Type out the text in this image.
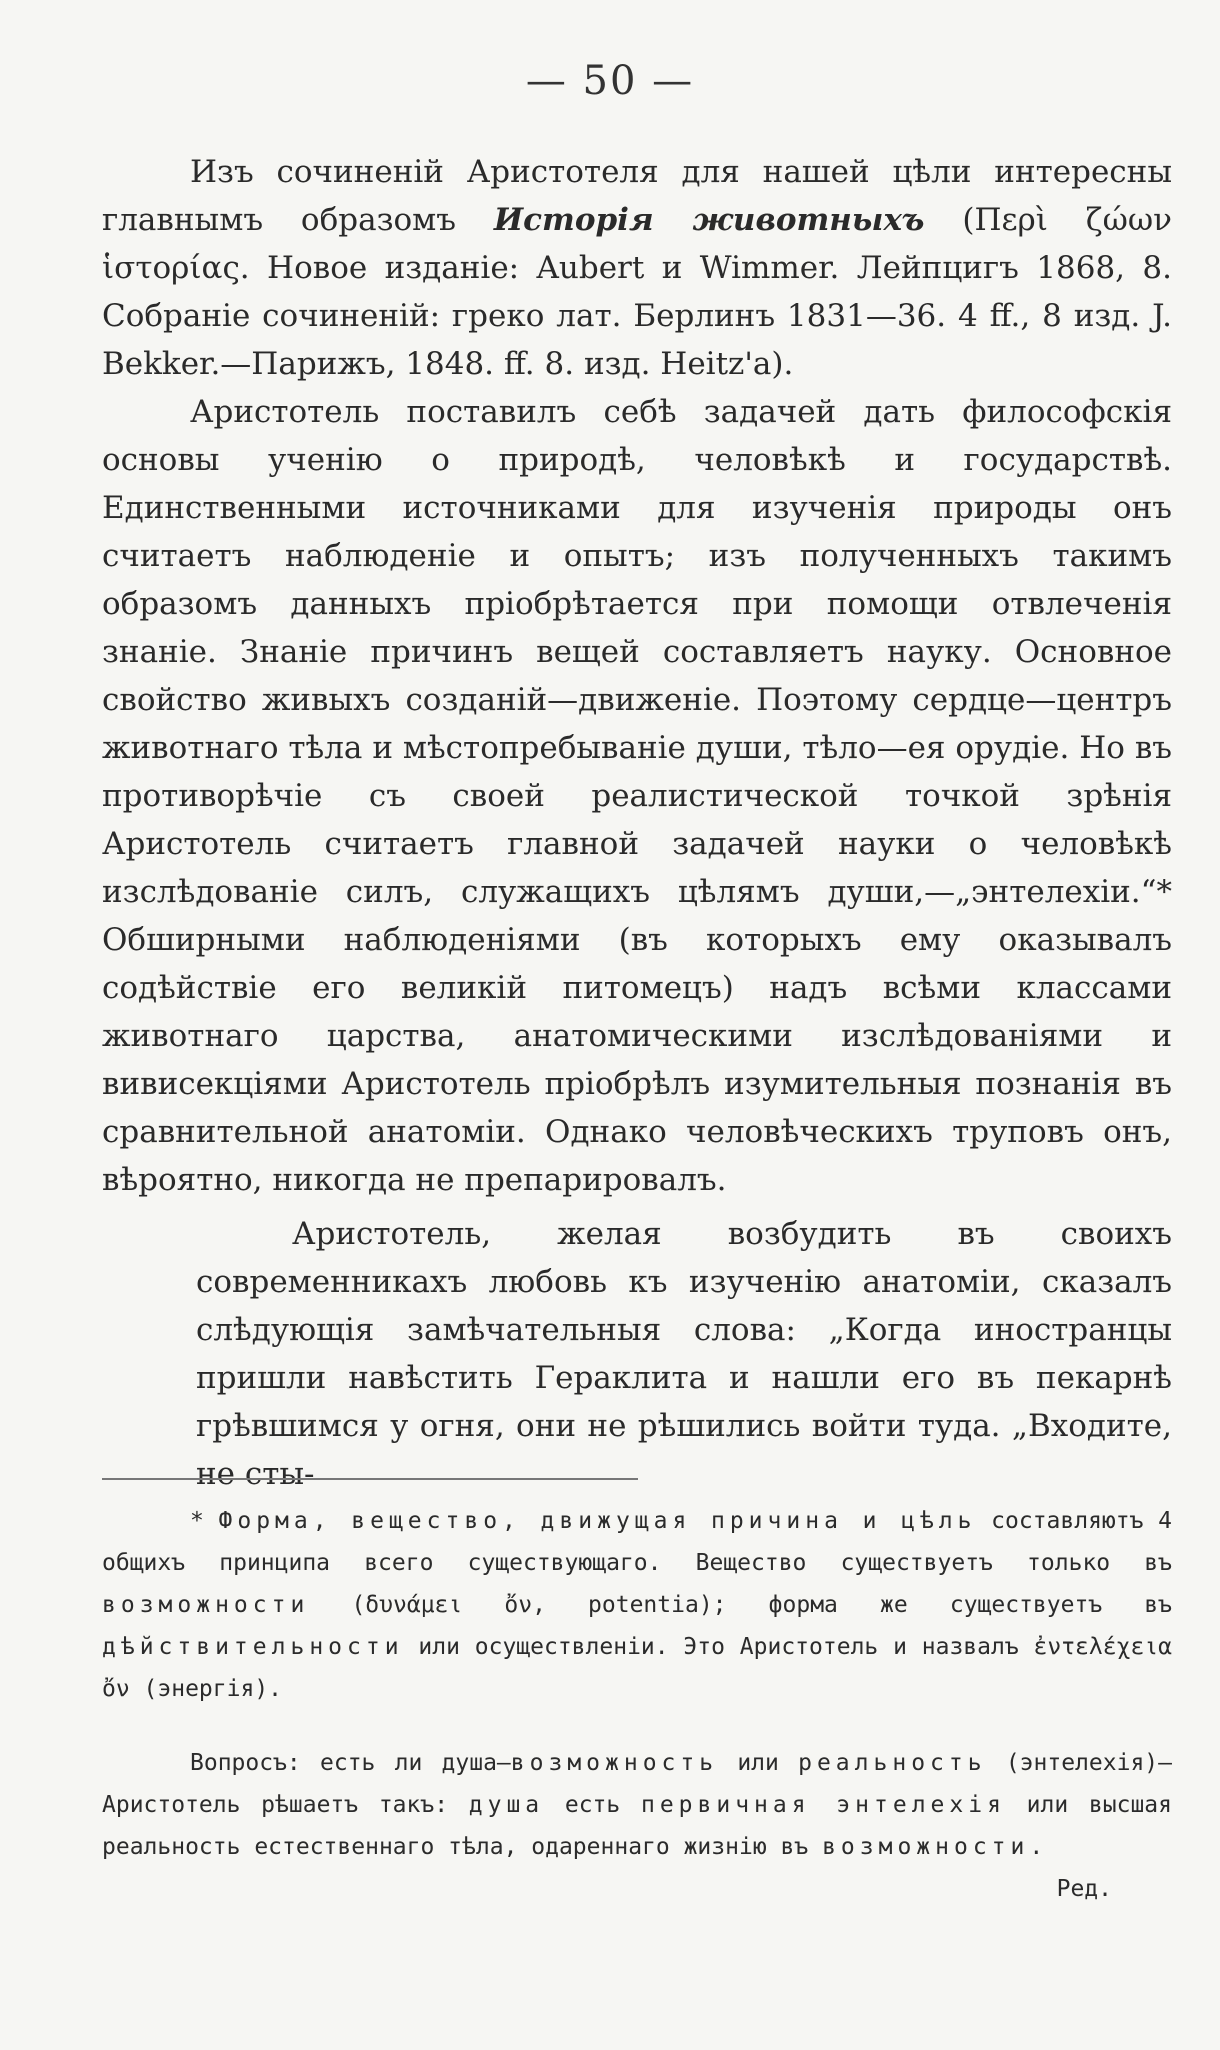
— 50 —

Изъ сочиненій Аристотеля для нашей цѣли интересны главнымъ образомъ Исторія животныхъ (Περὶ ζώων ἱστορίας. Новое изданіе: Aubert и Wimmer. Лейпцигъ 1868, 8. Собраніе сочиненій: греко лат. Берлинъ 1831—36. 4 ff., 8 изд. J. Bekker.—Парижъ, 1848. ff. 8. изд. Heitz'a).

Аристотель поставилъ себѣ задачей дать философскія основы ученію о природѣ, человѣкѣ и государствѣ. Единственными источниками для изученія природы онъ считаетъ наблюденіе и опытъ; изъ полученныхъ такимъ образомъ данныхъ пріобрѣтается при помощи отвлеченія знаніе. Знаніе причинъ вещей составляетъ науку. Основное свойство живыхъ созданій—движеніе. Поэтому сердце—центръ животнаго тѣла и мѣстопребываніе души, тѣло—ея орудіе. Но въ противорѣчіе съ своей реалистической точкой зрѣнія Аристотель считаетъ главной задачей науки о человѣкѣ изслѣдованіе силъ, служащихъ цѣлямъ души,—„энтелехіи.“* Обширными наблюденіями (въ которыхъ ему оказывалъ содѣйствіе его великій питомецъ) надъ всѣми классами животнаго царства, анатомическими изслѣдованіями и вивисекціями Аристотель пріобрѣлъ изумительныя познанія въ сравнительной анатоміи. Однако человѣческихъ труповъ онъ, вѣроятно, никогда не препарировалъ.

Аристотель, желая возбудить въ своихъ современникахъ любовь къ изученію анатоміи, сказалъ слѣдующія замѣчательныя слова: „Когда иностранцы пришли навѣстить Гераклита и нашли его въ пекарнѣ грѣвшимся у огня, они не рѣшились войти туда. „Входите, не сты-

* Форма, вещество, движущая причина и цѣль составляютъ 4 общихъ принципа всего существующаго. Вещество существуетъ только въ возможности (δυνάμει ὄν, potentia); форма же существуетъ въ дѣйствительности или осуществленіи. Это Аристотель и назвалъ ἐντελέχεια ὄν (энергія).

Вопросъ: есть ли душа—возможность или реальность (энтелехія)—Аристотель рѣшаетъ такъ: душа есть первичная энтелехія или высшая реальность естественнаго тѣла, одареннаго жизнію въ возможности.
Ред.
